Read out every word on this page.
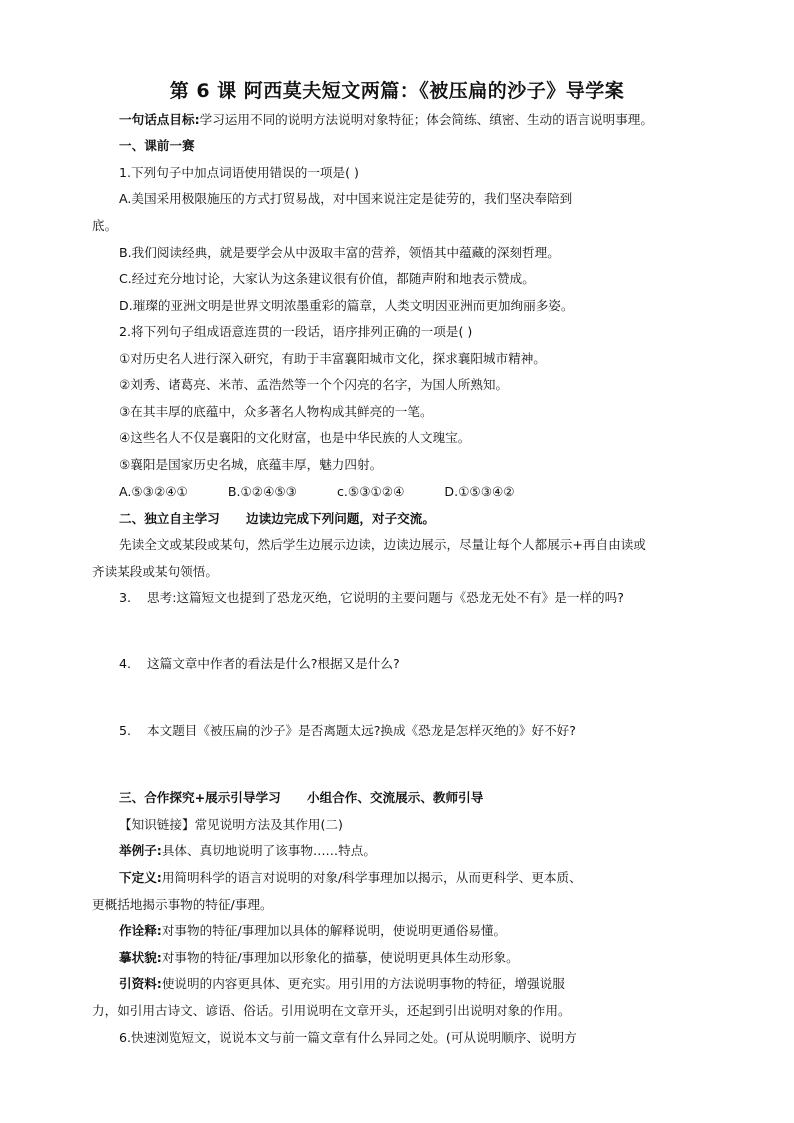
第 6 课 阿西莫夫短文两篇：《被压扁的沙子》导学案
一句话点目标:学习运用不同的说明方法说明对象特征；体会简练、缜密、生动的语言说明事理。
一、课前一赛
1.下列句子中加点词语使用错误的一项是( )
A.美国采用极限施压的方式打贸易战，对中国来说注定是徒劳的，我们坚决奉陪到
底。
B.我们阅读经典，就是要学会从中汲取丰富的营养，领悟其中蕴藏的深刻哲理。
C.经过充分地讨论，大家认为这条建议很有价值，都随声附和地表示赞成。
D.璀璨的亚洲文明是世界文明浓墨重彩的篇章，人类文明因亚洲而更加绚丽多姿。
2.将下列句子组成语意连贯的一段话，语序排列正确的一项是( )
①对历史名人进行深入研究，有助于丰富襄阳城市文化，探求襄阳城市精神。
②刘秀、诸葛亮、米芾、孟浩然等一个个闪亮的名字，为国人所熟知。
③在其丰厚的底蕴中，众多著名人物构成其鲜亮的一笔。
④这些名人不仅是襄阳的文化财富，也是中华民族的人文瑰宝。
⑤襄阳是国家历史名城，底蕴丰厚，魅力四射。
A.⑤③②④①          B.①②④⑤③          c.⑤③①②④          D.①⑤③④②
二、独立自主学习      边读边完成下列问题，对子交流。
先读全文或某段或某句，然后学生边展示边读，边读边展示，尽量让每个人都展示+再自由读或
齐读某段或某句领悟。
3. 思考:这篇短文也提到了恐龙灭绝，它说明的主要问题与《恐龙无处不有》是一样的吗?
4. 这篇文章中作者的看法是什么?根据又是什么?
5. 本文题目《被压扁的沙子》是否离题太远?换成《恐龙是怎样灭绝的》好不好?
三、合作探究+展示引导学习      小组合作、交流展示、教师引导
【知识链接】常见说明方法及其作用(二)
举例子:具体、真切地说明了该事物……特点。
下定义:用简明科学的语言对说明的对象/科学事理加以揭示，从而更科学、更本质、
更概括地揭示事物的特征/事理。
作诠释:对事物的特征/事理加以具体的解释说明，使说明更通俗易懂。
摹状貌:对事物的特征/事理加以形象化的描摹，使说明更具体生动形象。
引资料:使说明的内容更具体、更充实。用引用的方法说明事物的特征，增强说服
力，如引用古诗文、谚语、俗话。引用说明在文章开头，还起到引出说明对象的作用。
6.快速浏览短文，说说本文与前一篇文章有什么异同之处。(可从说明顺序、说明方
